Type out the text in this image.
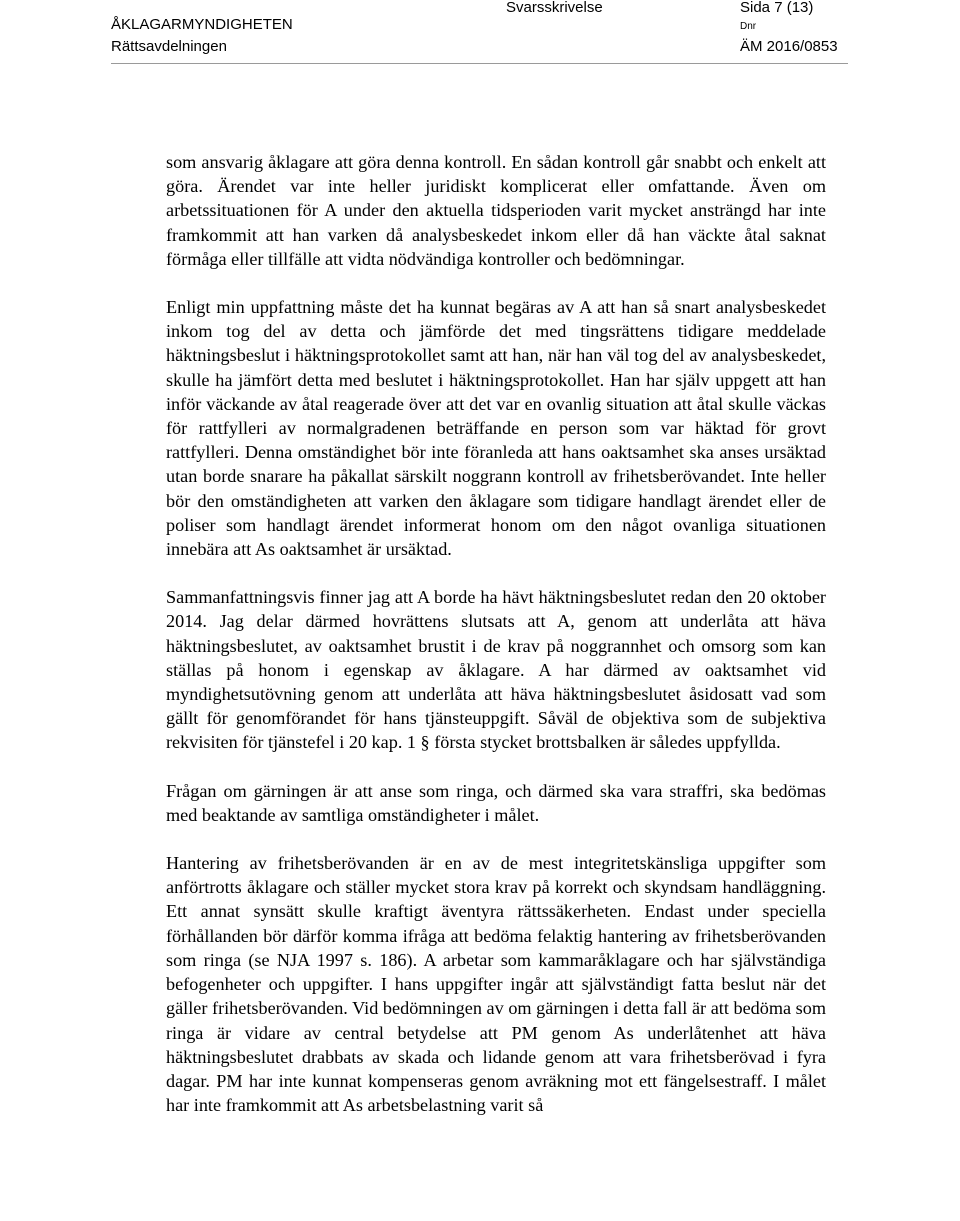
ÅKLAGARMYNDIGHETEN
Rättsavdelningen
Svarsskrivelse	Sida 7 (13)
Dnr
ÄM 2016/0853

som ansvarig åklagare att göra denna kontroll. En sådan kontroll går snabbt och enkelt att göra. Ärendet var inte heller juridiskt komplicerat eller omfattande. Även om arbetssituationen för A under den aktuella tidsperioden varit mycket ansträngd har inte framkommit att han varken då analysbeskedet inkom eller då han väckte åtal saknat förmåga eller tillfälle att vidta nödvändiga kontroller och bedömningar.

Enligt min uppfattning måste det ha kunnat begäras av A att han så snart analysbeskedet inkom tog del av detta och jämförde det med tingsrättens tidigare meddelade häktningsbeslut i häktningsprotokollet samt att han, när han väl tog del av analysbeskedet, skulle ha jämfört detta med beslutet i häktningsprotokollet. Han har själv uppgett att han inför väckande av åtal reagerade över att det var en ovanlig situation att åtal skulle väckas för rattfylleri av normalgradenen beträffande en person som var häktad för grovt rattfylleri. Denna omständighet bör inte föranleda att hans oaktsamhet ska anses ursäktad utan borde snarare ha påkallat särskilt noggrann kontroll av frihetsberövandet. Inte heller bör den omständigheten att varken den åklagare som tidigare handlagt ärendet eller de poliser som handlagt ärendet informerat honom om den något ovanliga situationen innebära att As oaktsamhet är ursäktad.

Sammanfattningsvis finner jag att A borde ha hävt häktningsbeslutet redan den 20 oktober 2014. Jag delar därmed hovrättens slutsats att A, genom att underlåta att häva häktningsbeslutet, av oaktsamhet brustit i de krav på noggrannhet och omsorg som kan ställas på honom i egenskap av åklagare. A har därmed av oaktsamhet vid myndighetsutövning genom att underlåta att häva häktningsbeslutet åsidosatt vad som gällt för genomförandet för hans tjänsteuppgift. Såväl de objektiva som de subjektiva rekvisiten för tjänstefel i 20 kap. 1 § första stycket brottsbalken är således uppfyllda.

Frågan om gärningen är att anse som ringa, och därmed ska vara straffri, ska bedömas med beaktande av samtliga omständigheter i målet.

Hantering av frihetsberövanden är en av de mest integritetskänsliga uppgifter som anförtrotts åklagare och ställer mycket stora krav på korrekt och skyndsam handläggning. Ett annat synsätt skulle kraftigt äventyra rättssäkerheten. Endast under speciella förhållanden bör därför komma ifråga att bedöma felaktig hantering av frihetsberövanden som ringa (se NJA 1997 s. 186). A arbetar som kammaråklagare och har självständiga befogenheter och uppgifter. I hans uppgifter ingår att självständigt fatta beslut när det gäller frihetsberövanden. Vid bedömningen av om gärningen i detta fall är att bedöma som ringa är vidare av central betydelse att PM genom As underlåtenhet att häva häktningsbeslutet drabbats av skada och lidande genom att vara frihetsberövad i fyra dagar. PM har inte kunnat kompenseras genom avräkning mot ett fängelsestraff. I målet har inte framkommit att As arbetsbelastning varit så
